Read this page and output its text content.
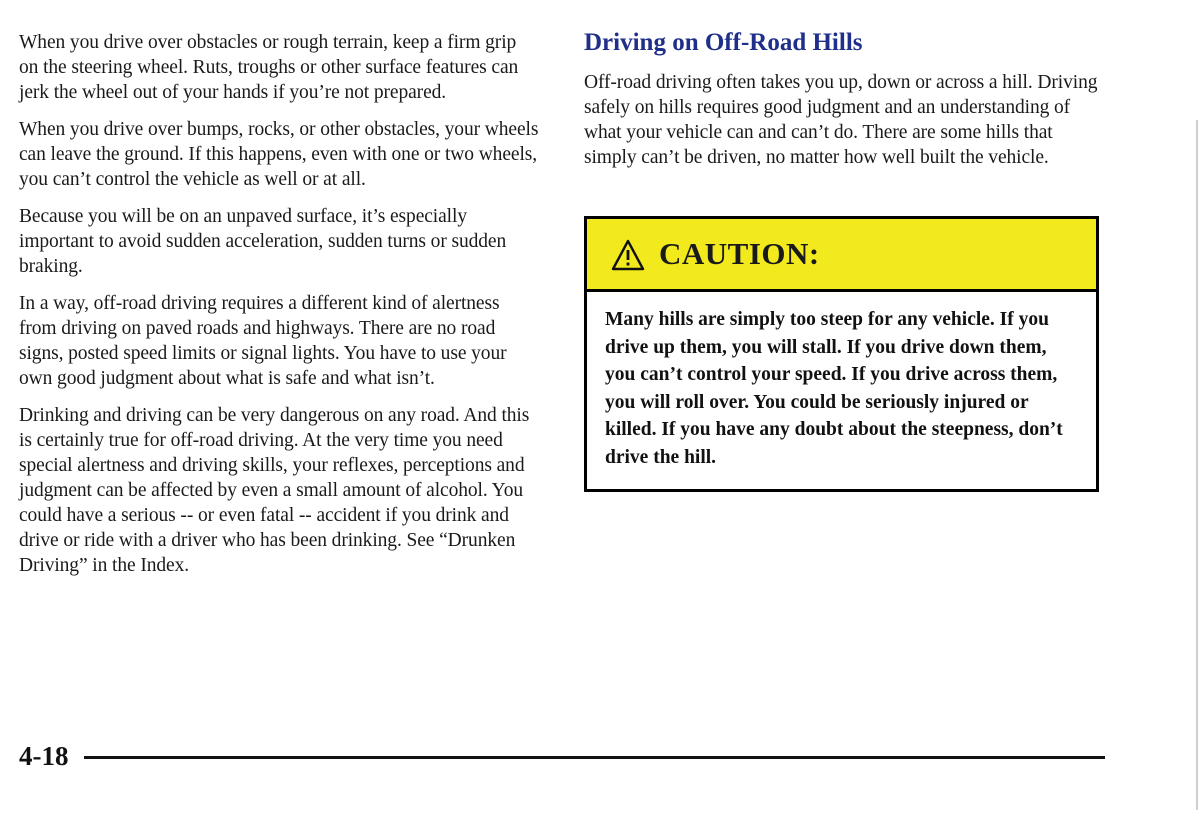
When you drive over obstacles or rough terrain, keep a firm grip on the steering wheel. Ruts, troughs or other surface features can jerk the wheel out of your hands if you’re not prepared.

When you drive over bumps, rocks, or other obstacles, your wheels can leave the ground. If this happens, even with one or two wheels, you can’t control the vehicle as well or at all.

Because you will be on an unpaved surface, it’s especially important to avoid sudden acceleration, sudden turns or sudden braking.

In a way, off-road driving requires a different kind of alertness from driving on paved roads and highways. There are no road signs, posted speed limits or signal lights. You have to use your own good judgment about what is safe and what isn’t.

Drinking and driving can be very dangerous on any road. And this is certainly true for off-road driving. At the very time you need special alertness and driving skills, your reflexes, perceptions and judgment can be affected by even a small amount of alcohol. You could have a serious -- or even fatal -- accident if you drink and drive or ride with a driver who has been drinking. See “Drunken Driving” in the Index.

Driving on Off-Road Hills

Off-road driving often takes you up, down or across a hill. Driving safely on hills requires good judgment and an understanding of what your vehicle can and can’t do. There are some hills that simply can’t be driven, no matter how well built the vehicle.

CAUTION:
Many hills are simply too steep for any vehicle. If you drive up them, you will stall. If you drive down them, you can’t control your speed. If you drive across them, you will roll over. You could be seriously injured or killed. If you have any doubt about the steepness, don’t drive the hill.
4-18
